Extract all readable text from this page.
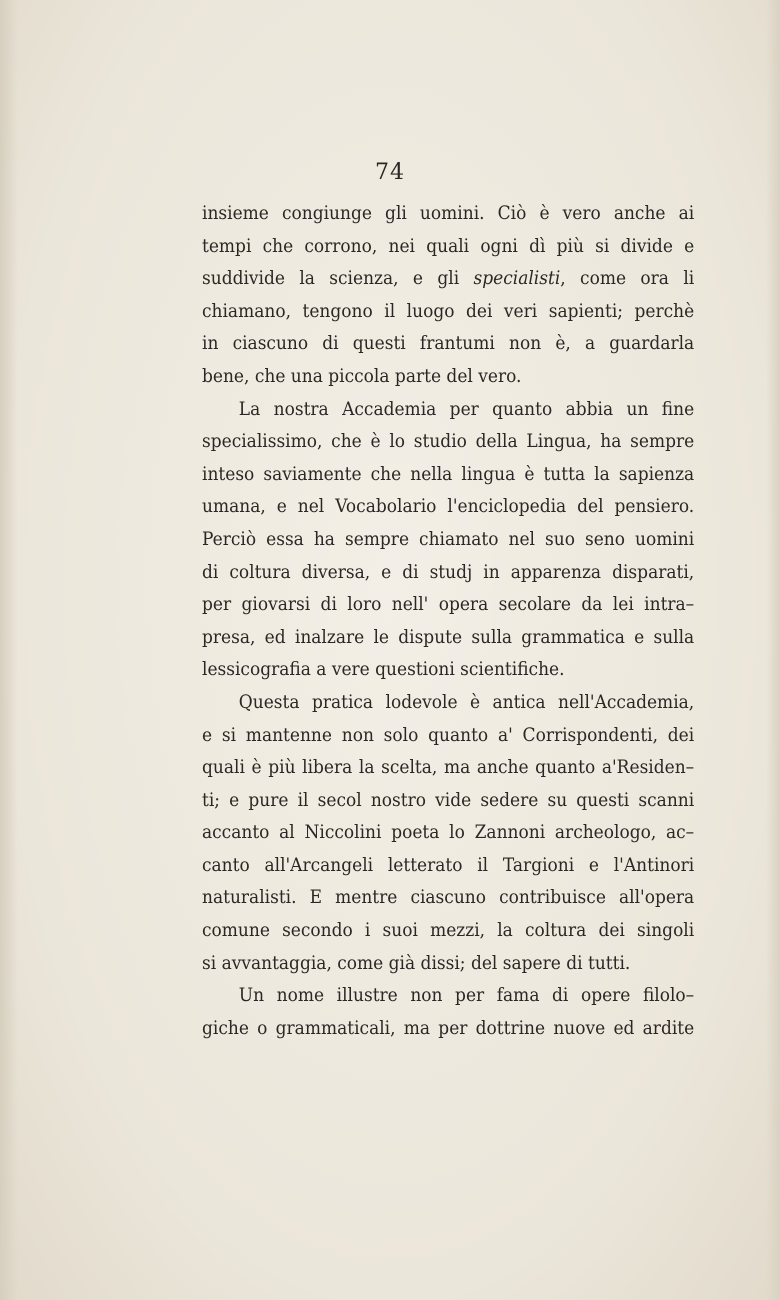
74
insieme congiunge gli uomini. Ciò è vero anche ai
tempi che corrono, nei quali ogni dì più si divide e
suddivide la scienza, e gli specialisti, come ora li
chiamano, tengono il luogo dei veri sapienti; perchè
in ciascuno di questi frantumi non è, a guardarla
bene, che una piccola parte del vero.
La nostra Accademia per quanto abbia un fine
specialissimo, che è lo studio della Lingua, ha sempre
inteso saviamente che nella lingua è tutta la sapienza
umana, e nel Vocabolario l'enciclopedia del pensiero.
Perciò essa ha sempre chiamato nel suo seno uomini
di coltura diversa, e di studj in apparenza disparati,
per giovarsi di loro nell' opera secolare da lei intra–
presa, ed inalzare le dispute sulla grammatica e sulla
lessicografia a vere questioni scientifiche.
Questa pratica lodevole è antica nell'Accademia,
e si mantenne non solo quanto a' Corrispondenti, dei
quali è più libera la scelta, ma anche quanto a'Residen–
ti; e pure il secol nostro vide sedere su questi scanni
accanto al Niccolini poeta lo Zannoni archeologo, ac–
canto all'Arcangeli letterato il Targioni e l'Antinori
naturalisti. E mentre ciascuno contribuisce all'opera
comune secondo i suoi mezzi, la coltura dei singoli
si avvantaggia, come già dissi; del sapere di tutti.
Un nome illustre non per fama di opere filolo–
giche o grammaticali, ma per dottrine nuove ed ardite
